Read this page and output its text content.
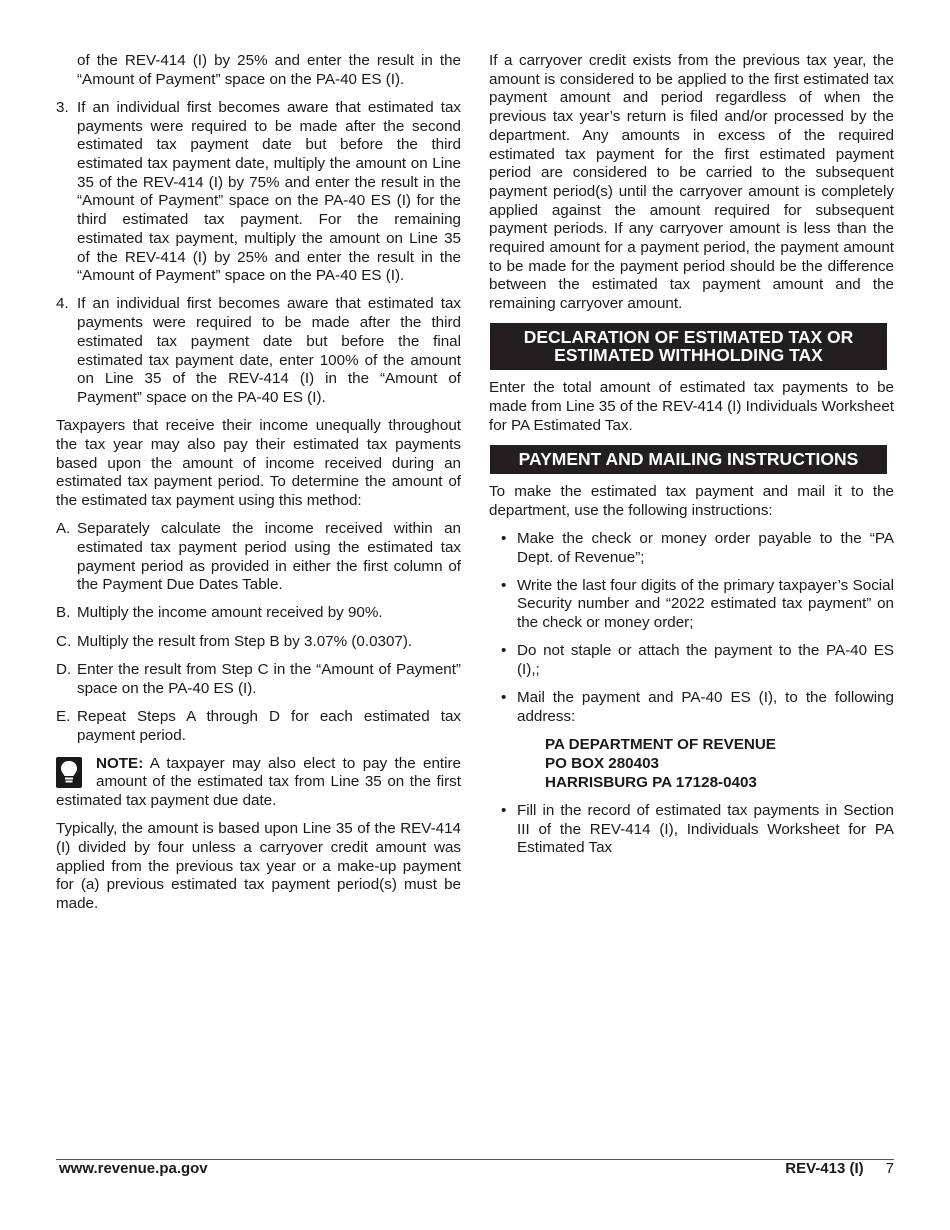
of the REV-414 (I) by 25% and enter the result in the “Amount of Payment” space on the PA-40 ES (I).

3. If an individual first becomes aware that estimated tax payments were required to be made after the second estimated tax payment date but before the third estimated tax payment date, multiply the amount on Line 35 of the REV-414 (I) by 75% and enter the result in the “Amount of Payment” space on the PA-40 ES (I) for the third estimated tax payment. For the remaining estimated tax payment, multiply the amount on Line 35 of the REV-414 (I) by 25% and enter the result in the “Amount of Payment” space on the PA-40 ES (I).
4. If an individual first becomes aware that estimated tax payments were required to be made after the third estimated tax payment date but before the final estimated tax payment date, enter 100% of the amount on Line 35 of the REV-414 (I) in the “Amount of Payment” space on the PA-40 ES (I).

Taxpayers that receive their income unequally throughout the tax year may also pay their estimated tax payments based upon the amount of income received during an estimated tax payment period. To determine the amount of the estimated tax payment using this method:

A. Separately calculate the income received within an estimated tax payment period using the estimated tax payment period as provided in either the first column of the Payment Due Dates Table.
B. Multiply the income amount received by 90%.
C. Multiply the result from Step B by 3.07% (0.0307).
D. Enter the result from Step C in the “Amount of Payment” space on the PA-40 ES (I).
E. Repeat Steps A through D for each estimated tax payment period.
NOTE: A taxpayer may also elect to pay the entire amount of the estimated tax from Line 35 on the first estimated tax payment due date.

Typically, the amount is based upon Line 35 of the REV-414 (I) divided by four unless a carryover credit amount was applied from the previous tax year or a make-up payment for (a) previous estimated tax payment period(s) must be made.

If a carryover credit exists from the previous tax year, the amount is considered to be applied to the first estimated tax payment amount and period regardless of when the previous tax year’s return is filed and/or processed by the department. Any amounts in excess of the required estimated tax payment for the first estimated payment period are considered to be carried to the subsequent payment period(s) until the carryover amount is completely applied against the amount required for subsequent payment periods. If any carryover amount is less than the required amount for a payment period, the payment amount to be made for the payment period should be the difference between the estimated tax payment amount and the remaining carryover amount.

DECLARATION OF ESTIMATED TAX OR
ESTIMATED WITHHOLDING TAX

Enter the total amount of estimated tax payments to be made from Line 35 of the REV-414 (I) Individuals Worksheet for PA Estimated Tax.

PAYMENT AND MAILING INSTRUCTIONS

To make the estimated tax payment and mail it to the department, use the following instructions:

• Make the check or money order payable to the “PA Dept. of Revenue”;
• Write the last four digits of the primary taxpayer’s Social Security number and “2022 estimated tax payment” on the check or money order;
• Do not staple or attach the payment to the PA-40 ES (I),;
• Mail the payment and PA-40 ES (I), to the following address:
PA DEPARTMENT OF REVENUE
PO BOX 280403
HARRISBURG PA 17128-0403
• Fill in the record of estimated tax payments in Section III of the REV-414 (I), Individuals Worksheet for PA Estimated Tax
www.revenue.pa.gov	REV-413 (I) 7
